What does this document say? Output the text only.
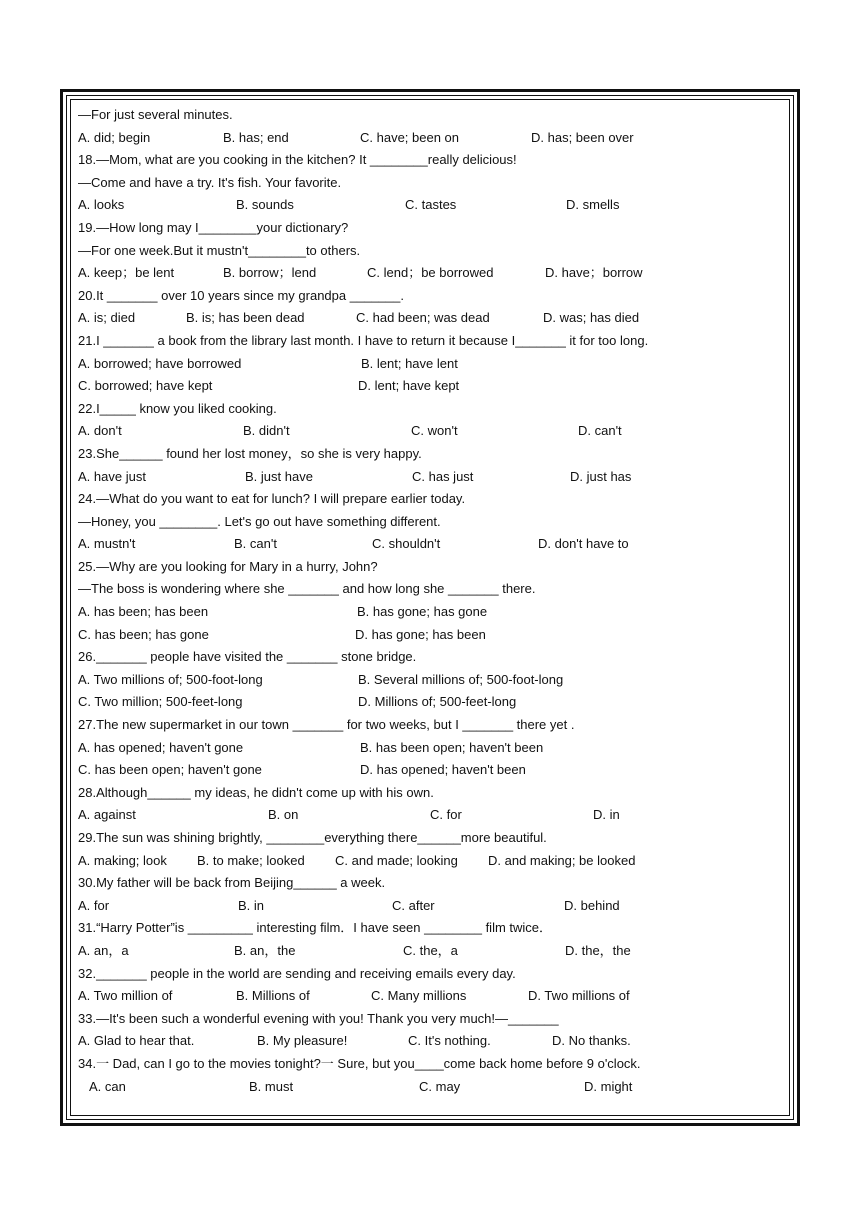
—For just several minutes.
A. did; begin	B. has; end	C. have; been on	D. has; been over
18.—Mom, what are you cooking in the kitchen? It ________really delicious!
—Come and have a try. It's fish. Your favorite.
A. looks	B. sounds	C. tastes	D. smells
19.—How long may I________your dictionary?
—For one week.But it mustn't________to others.
A. keep；be lent	B. borrow；lend	C. lend；be borrowed	D. have；borrow
20.It _______ over 10 years since my grandpa _______.
A. is; died	B. is; has been dead	C. had been; was dead	D. was; has died
21.I _______ a book from the library last month. I have to return it because I_______ it for too long.
A. borrowed; have borrowed	B. lent; have lent
C. borrowed; have kept	D. lent; have kept
22.I_____ know you liked cooking.
A. don't	B. didn't	C. won't	D. can't
23.She______ found her lost money，so she is very happy.
A. have just	B. just have	C. has just	D. just has
24.—What do you want to eat for lunch? I will prepare earlier today.
—Honey, you ________. Let's go out have something different.
A. mustn't	B. can't	C. shouldn't	D. don't have to
25.—Why are you looking for Mary in a hurry, John?
—The boss is wondering where she _______ and how long she _______ there.
A. has been; has been	B. has gone; has gone
C. has been; has gone	D. has gone; has been
26._______ people have visited the _______ stone bridge.
A. Two millions of; 500-foot-long	B. Several millions of; 500-foot-long
C. Two million; 500-feet-long	D. Millions of; 500-feet-long
27.The new supermarket in our town _______ for two weeks, but I _______ there yet .
A. has opened; haven't gone	B. has been open; haven't been
C. has been open; haven't gone	D. has opened; haven't been
28.Although______ my ideas, he didn't come up with his own.
A. against	B. on	C. for	D. in
29.The sun was shining brightly, ________everything there______more beautiful.
A. making; look B. to make; looked C. and made; looking D. and making; be looked
30.My father will be back from Beijing______ a week.
A. for	B. in	C. after	D. behind
31.“Harry Potter”is _________ interesting film．I have seen ________ film twice．
A. an，a	B. an，the	C. the，a	D. the，the
32._______ people in the world are sending and receiving emails every day.
A. Two million of	B. Millions of	C. Many millions	D. Two millions of
33.—It's been such a wonderful evening with you! Thank you very much!—_______
A. Glad to hear that.	B. My pleasure!	C. It's nothing.	D. No thanks.
34.一 Dad, can I go to the movies tonight?一 Sure, but you____come back home before 9 o'clock.
A. can	B. must	C. may	D. might
